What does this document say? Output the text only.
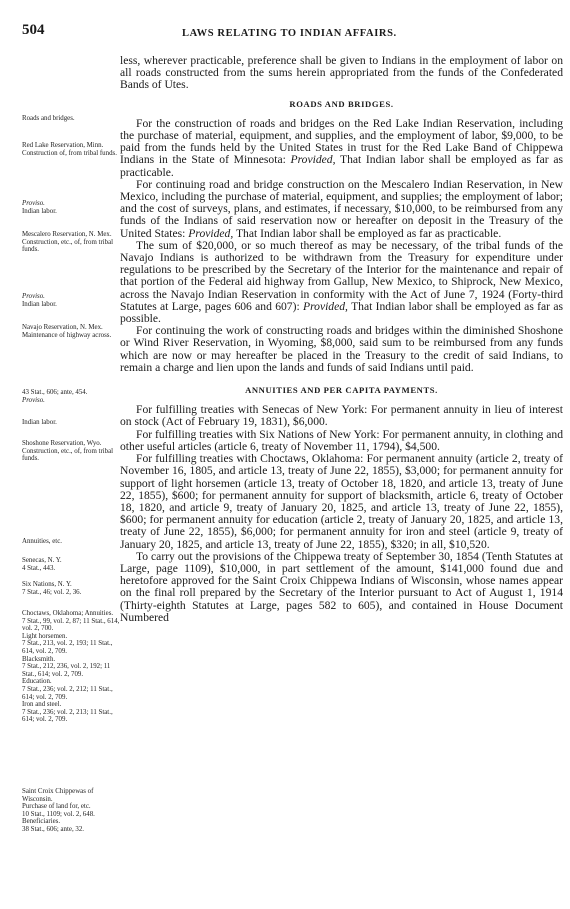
504	LAWS RELATING TO INDIAN AFFAIRS.

less, wherever practicable, preference shall be given to Indians in the employment of labor on all roads constructed from the sums herein appropriated from the funds of the Confederated Bands of Utes.

ROADS AND BRIDGES.

For the construction of roads and bridges on the Red Lake Indian Reservation, including the purchase of material, equipment, and supplies, and the employment of labor, $9,000, to be paid from the funds held by the United States in trust for the Red Lake Band of Chippewa Indians in the State of Minnesota: Provided, That Indian labor shall be employed as far as practicable.

For continuing road and bridge construction on the Mescalero Indian Reservation, in New Mexico, including the purchase of material, equipment, and supplies; the employment of labor; and the cost of surveys, plans, and estimates, if necessary, $10,000, to be reimbursed from any funds of the Indians of said reservation now or hereafter on deposit in the Treasury of the United States: Provided, That Indian labor shall be employed as far as practicable.

The sum of $20,000, or so much thereof as may be necessary, of the tribal funds of the Navajo Indians is authorized to be withdrawn from the Treasury for expenditure under regulations to be prescribed by the Secretary of the Interior for the maintenance and repair of that portion of the Federal aid highway from Gallup, New Mexico, to Shiprock, New Mexico, across the Navajo Indian Reservation in conformity with the Act of June 7, 1924 (Forty-third Statutes at Large, pages 606 and 607): Provided, That Indian labor shall be employed as far as possible.

For continuing the work of constructing roads and bridges within the diminished Shoshone or Wind River Reservation, in Wyoming, $8,000, said sum to be reimbursed from any funds which are now or may hereafter be placed in the Treasury to the credit of said Indians, to remain a charge and lien upon the lands and funds of said Indians until paid.

ANNUITIES AND PER CAPITA PAYMENTS.

For fulfilling treaties with Senecas of New York: For permanent annuity in lieu of interest on stock (Act of February 19, 1831), $6,000.

For fulfilling treaties with Six Nations of New York: For permanent annuity, in clothing and other useful articles (article 6, treaty of November 11, 1794), $4,500.

For fulfilling treaties with Choctaws, Oklahoma: For permanent annuity (article 2, treaty of November 16, 1805, and article 13, treaty of June 22, 1855), $3,000; for permanent annuity for support of light horsemen (article 13, treaty of October 18, 1820, and article 13, treaty of June 22, 1855), $600; for permanent annuity for support of blacksmith, article 6, treaty of October 18, 1820, and article 9, treaty of January 20, 1825, and article 13, treaty of June 22, 1855), $600; for permanent annuity for education (article 2, treaty of January 20, 1825, and article 13, treaty of June 22, 1855), $6,000; for permanent annuity for iron and steel (article 9, treaty of January 20, 1825, and article 13, treaty of June 22, 1855), $320; in all, $10,520.

To carry out the provisions of the Chippewa treaty of September 30, 1854 (Tenth Statutes at Large, page 1109), $10,000, in part settlement of the amount, $141,000 found due and heretofore approved for the Saint Croix Chippewa Indians of Wisconsin, whose names appear on the final roll prepared by the Secretary of the Interior pursuant to Act of August 1, 1914 (Thirty-eighth Statutes at Large, pages 582 to 605), and contained in House Document Numbered

Roads and bridges.
Red Lake Reservation, Minn.
Construction of, from tribal funds.
Proviso.
Indian labor.
Mescalero Reservation, N. Mex.
Construction, etc., of, from tribal funds.
Proviso.
Indian labor.
Navajo Reservation, N. Mex.
Maintenance of highway across.
43 Stat., 606; ante, 454.
Proviso.
Indian labor.
Shoshone Reservation, Wyo.
Construction, etc., of, from tribal funds.
Annuities, etc.
Senecas, N. Y.
4 Stat., 443.
Six Nations, N. Y.
7 Stat., 46; vol. 2, 36.
Choctaws, Oklahoma; Annuities.
7 Stat., 99, vol. 2, 87; 11 Stat., 614, vol. 2, 700.
Light horsemen.
7 Stat., 213, vol. 2, 193; 11 Stat., 614, vol. 2, 709.
Blacksmith.
7 Stat., 212, 236, vol. 2, 192; 11 Stat., 614; vol. 2, 709.
Education.
7 Stat., 236; vol. 2, 212; 11 Stat., 614; vol. 2, 709.
Iron and steel.
7 Stat., 236; vol. 2, 213; 11 Stat., 614; vol. 2, 709.
Saint Croix Chippewas of Wisconsin.
Purchase of land for, etc.
10 Stat., 1109; vol. 2, 648.
Beneficiaries.
38 Stat., 606; ante, 32.
